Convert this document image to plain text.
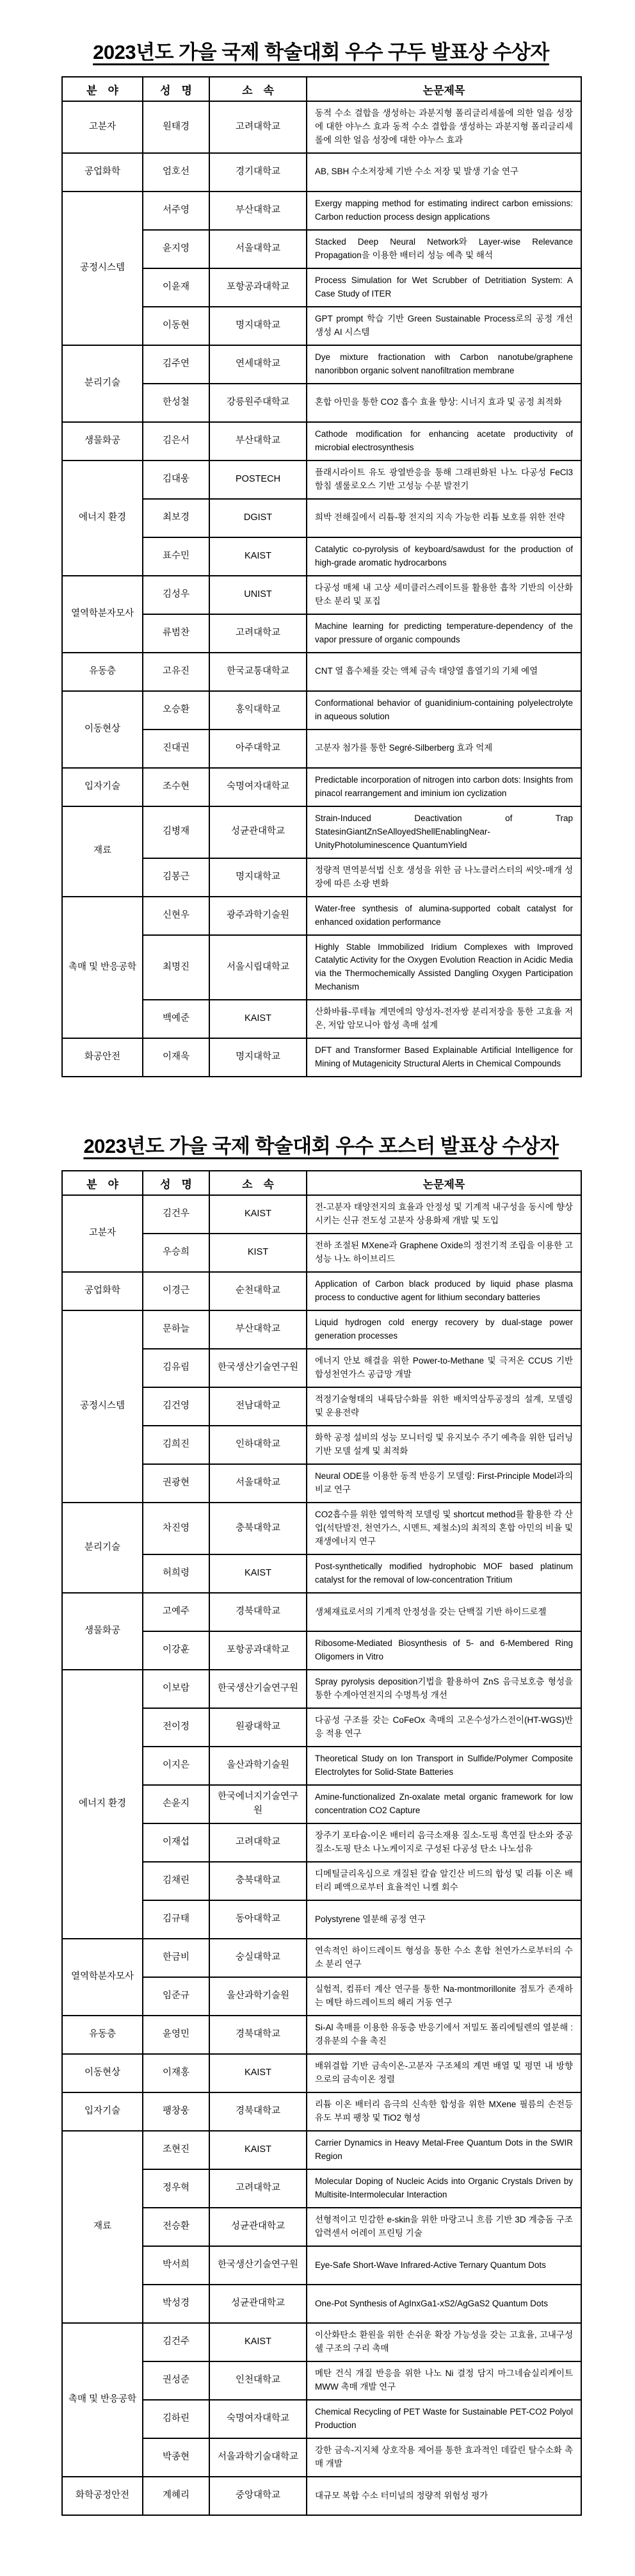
2023년도 가을 국제 학술대회 우수 구두 발표상 수상자
분　야	성　명	소　속	논문제목
고분자	원태경	고려대학교	동적 수소 결합을 생성하는 과분지형 폴리글리세롤에 의한 얼음 성장에 대한 야누스 효과 동적 수소 결합을 생성하는 과분지형 폴리글리세롤에 의한 얼음 성장에 대한 야누스 효과
공업화학	엄호선	경기대학교	AB, SBH 수소저장체 기반 수소 저장 및 발생 기술 연구
공정시스템	서주영	부산대학교	Exergy mapping method for estimating indirect carbon emissions: Carbon reduction process design applications
	윤지영	서울대학교	Stacked Deep Neural Network와 Layer-wise Relevance Propagation을 이용한 배터리 성능 예측 및 해석
	이윤재	포항공과대학교	Process Simulation for Wet Scrubber of Detritiation System: A Case Study of ITER
	이동현	명지대학교	GPT prompt 학습 기반 Green Sustainable Process로의 공정 개선 생성 AI 시스템
분리기술	김주연	연세대학교	Dye mixture fractionation with Carbon nanotube/graphene nanoribbon organic solvent nanofiltration membrane
	한성철	강릉원주대학교	혼합 아민을 통한 CO2 흡수 효율 향상: 시너지 효과 및 공정 최적화
생물화공	김은서	부산대학교	Cathode modification for enhancing acetate productivity of microbial electrosynthesis
에너지 환경	김대웅	POSTECH	플래시라이트 유도 광열반응을 통해 그래핀화된 나노 다공성 FeCl3 함침 셀룰로오스 기반 고성능 수분 발전기
	최보경	DGIST	희박 전해질에서 리튬-황 전지의 지속 가능한 리튬 보호를 위한 전략
	표수민	KAIST	Catalytic co-pyrolysis of keyboard/sawdust for the production of high-grade aromatic hydrocarbons
열역학분자모사	김성우	UNIST	다공성 매체 내 고상 세미클러스레이트를 활용한 흡착 기반의 이산화탄소 분리 및 포집
	류범찬	고려대학교	Machine learning for predicting temperature-dependency of the vapor pressure of organic compounds
유동층	고유진	한국교통대학교	CNT 열 흡수체를 갖는 액체 금속 태양열 흡열기의 기체 예열
이동현상	오승환	홍익대학교	Conformational behavior of guanidinium-containing polyelectrolyte in aqueous solution
	진대권	아주대학교	고분자 첨가를 통한 Segré-Silberberg 효과 억제
입자기술	조수현	숙명여자대학교	Predictable incorporation of nitrogen into carbon dots: Insights from pinacol rearrangement and iminium ion cyclization
재료	김병재	성균관대학교	Strain-Induced Deactivation of Trap StatesinGiantZnSeAlloyedShellEnablingNear-UnityPhotoluminescence QuantumYield
	김봉근	명지대학교	정량적 면역분석법 신호 생성을 위한 금 나노클러스터의 씨앗-매개 성장에 따른 소광 변화
촉매 및 반응공학	신현우	광주과학기술원	Water-free synthesis of alumina-supported cobalt catalyst for enhanced oxidation performance
	최명진	서울시립대학교	Highly Stable Immobilized Iridium Complexes with Improved Catalytic Activity for the Oxygen Evolution Reaction in Acidic Media via the Thermochemically Assisted Dangling Oxygen Participation Mechanism
	백예준	KAIST	산화바륨-루테늄 계면에의 양성자-전자쌍 분리저장을 통한 고효율 저온, 저압 암모니아 합성 촉매 설계
화공안전	이재욱	명지대학교	DFT and Transformer Based Explainable Artificial Intelligence for Mining of Mutagenicity Structural Alerts in Chemical Compounds
2023년도 가을 국제 학술대회 우수 포스터 발표상 수상자
분　야	성　명	소　속	논문제목
고분자	김건우	KAIST	전-고분자 태양전지의 효율과 안정성 및 기계적 내구성을 동시에 향상시키는 신규 전도성 고분자 상용화제 개발 및 도입
	우승희	KIST	전하 조절된 MXene과 Graphene Oxide의 정전기적 조립을 이용한 고성능 나노 하이브리드
공업화학	이경근	순천대학교	Application of Carbon black produced by liquid phase plasma process to conductive agent for lithium secondary batteries
공정시스템	문하늘	부산대학교	Liquid hydrogen cold energy recovery by dual-stage power generation processes
	김유림	한국생산기술연구원	에너지 안보 해결을 위한 Power-to-Methane 및 극저온 CCUS 기반 합성천연가스 공급망 개발
	김건영	전남대학교	적정기술형태의 내륙담수화를 위한 배치역삼투공정의 설계, 모델링 및 운용전략
	김희진	인하대학교	화학 공정 설비의 성능 모니터링 및 유지보수 주기 예측을 위한 딥러닝 기반 모델 설계 및 최적화
	권광현	서울대학교	Neural ODE를 이용한 동적 반응기 모델링: First-Principle Model과의 비교 연구
분리기술	차진영	충북대학교	CO2흡수를 위한 열역학적 모델링 및 shortcut method를 활용한 각 산업(석탄발전, 천연가스, 시멘트, 제철소)의 최적의 혼합 아민의 비율 및 재생에너지 연구
	허희령	KAIST	Post-synthetically modified hydrophobic MOF based platinum catalyst for the removal of low-concentration Tritium
생물화공	고예주	경북대학교	생체재료로서의 기계적 안정성을 갖는 단백질 기반 하이드로젤
	이강훈	포항공과대학교	Ribosome-Mediated Biosynthesis of 5- and 6-Membered Ring Oligomers in Vitro
에너지 환경	이보람	한국생산기술연구원	Spray pyrolysis deposition기법을 활용하여 ZnS 음극보호층 형성을 통한 수계아연전지의 수명특성 개선
	전이정	원광대학교	다공성 구조를 갖는 CoFeOx 촉매의 고온수성가스전이(HT-WGS)반응 적용 연구
	이지은	울산과학기술원	Theoretical Study on Ion Transport in Sulfide/Polymer Composite Electrolytes for Solid-State Batteries
	손윤지	한국에너지기술연구원	Amine-functionalized Zn-oxalate metal organic framework for low concentration CO2 Capture
	이재섭	고려대학교	장주기 포타슘-이온 배터리 음극소재용 질소-도핑 흑연질 탄소와 중공 질소-도핑 탄소 나노케이지로 구성된 다공성 탄소 나노섬유
	김채린	충북대학교	디메틸글리옥심으로 개질된 칼슘 알긴산 비드의 합성 및 리튬 이온 배터리 폐액으로부터 효율적인 니켈 회수
	김규태	동아대학교	Polystyrene 열분해 공정 연구
열역학분자모사	한금비	숭실대학교	연속적인 하이드레이트 형성을 통한 수소 혼합 천연가스로부터의 수소 분리 연구
	임준규	울산과학기술원	실험적, 컴퓨터 계산 연구를 통한 Na-montmorillonite 점토가 존재하는 메탄 하드레이트의 해리 거동 연구
유동층	윤영민	경북대학교	Si-Al 촉매를 이용한 유동층 반응기에서 저밀도 폴리에틸렌의 열분해 : 경유분의 수율 촉진
이동현상	이재홍	KAIST	배위결합 기반 금속이온-고분자 구조체의 계면 배열 및 평면 내 방향으로의 금속이온 정렬
입자기술	팽창웅	경북대학교	리튬 이온 배터리 음극의 신속한 합성을 위한 MXene 필름의 손전등 유도 부피 팽창 및 TiO2 형성
재료	조현진	KAIST	Carrier Dynamics in Heavy Metal-Free Quantum Dots in the SWIR Region
	정우혁	고려대학교	Molecular Doping of Nucleic Acids into Organic Crystals Driven by Multisite-Intermolecular Interaction
	전승환	성균관대학교	선형적이고 민감한 e-skin을 위한 마랑고니 흐름 기반 3D 계층돔 구조 압력센서 어레이 프린팅 기술
	박서희	한국생산기술연구원	Eye-Safe Short-Wave Infrared-Active Ternary Quantum Dots
	박성경	성균관대학교	One-Pot Synthesis of AgInxGa1-xS2/AgGaS2 Quantum Dots
촉매 및 반응공학	김건주	KAIST	이산화탄소 환원을 위한 손쉬운 확장 가능성을 갖는 고효율, 고내구성 쉘 구조의 구리 촉매
	권성준	인천대학교	메탄 건식 개질 반응을 위한 나노 Ni 결정 담지 마그네슘실리케이트 MWW 촉매 개발 연구
	김하린	숙명여자대학교	Chemical Recycling of PET Waste for Sustainable PET-CO2 Polyol Production
	박종현	서울과학기술대학교	강한 금속-지지체 상호작용 제어를 통한 효과적인 데칼린 탈수소화 촉매 개발
화학공정안전	계혜리	중앙대학교	대규모 복합 수소 터미널의 정량적 위험성 평가
